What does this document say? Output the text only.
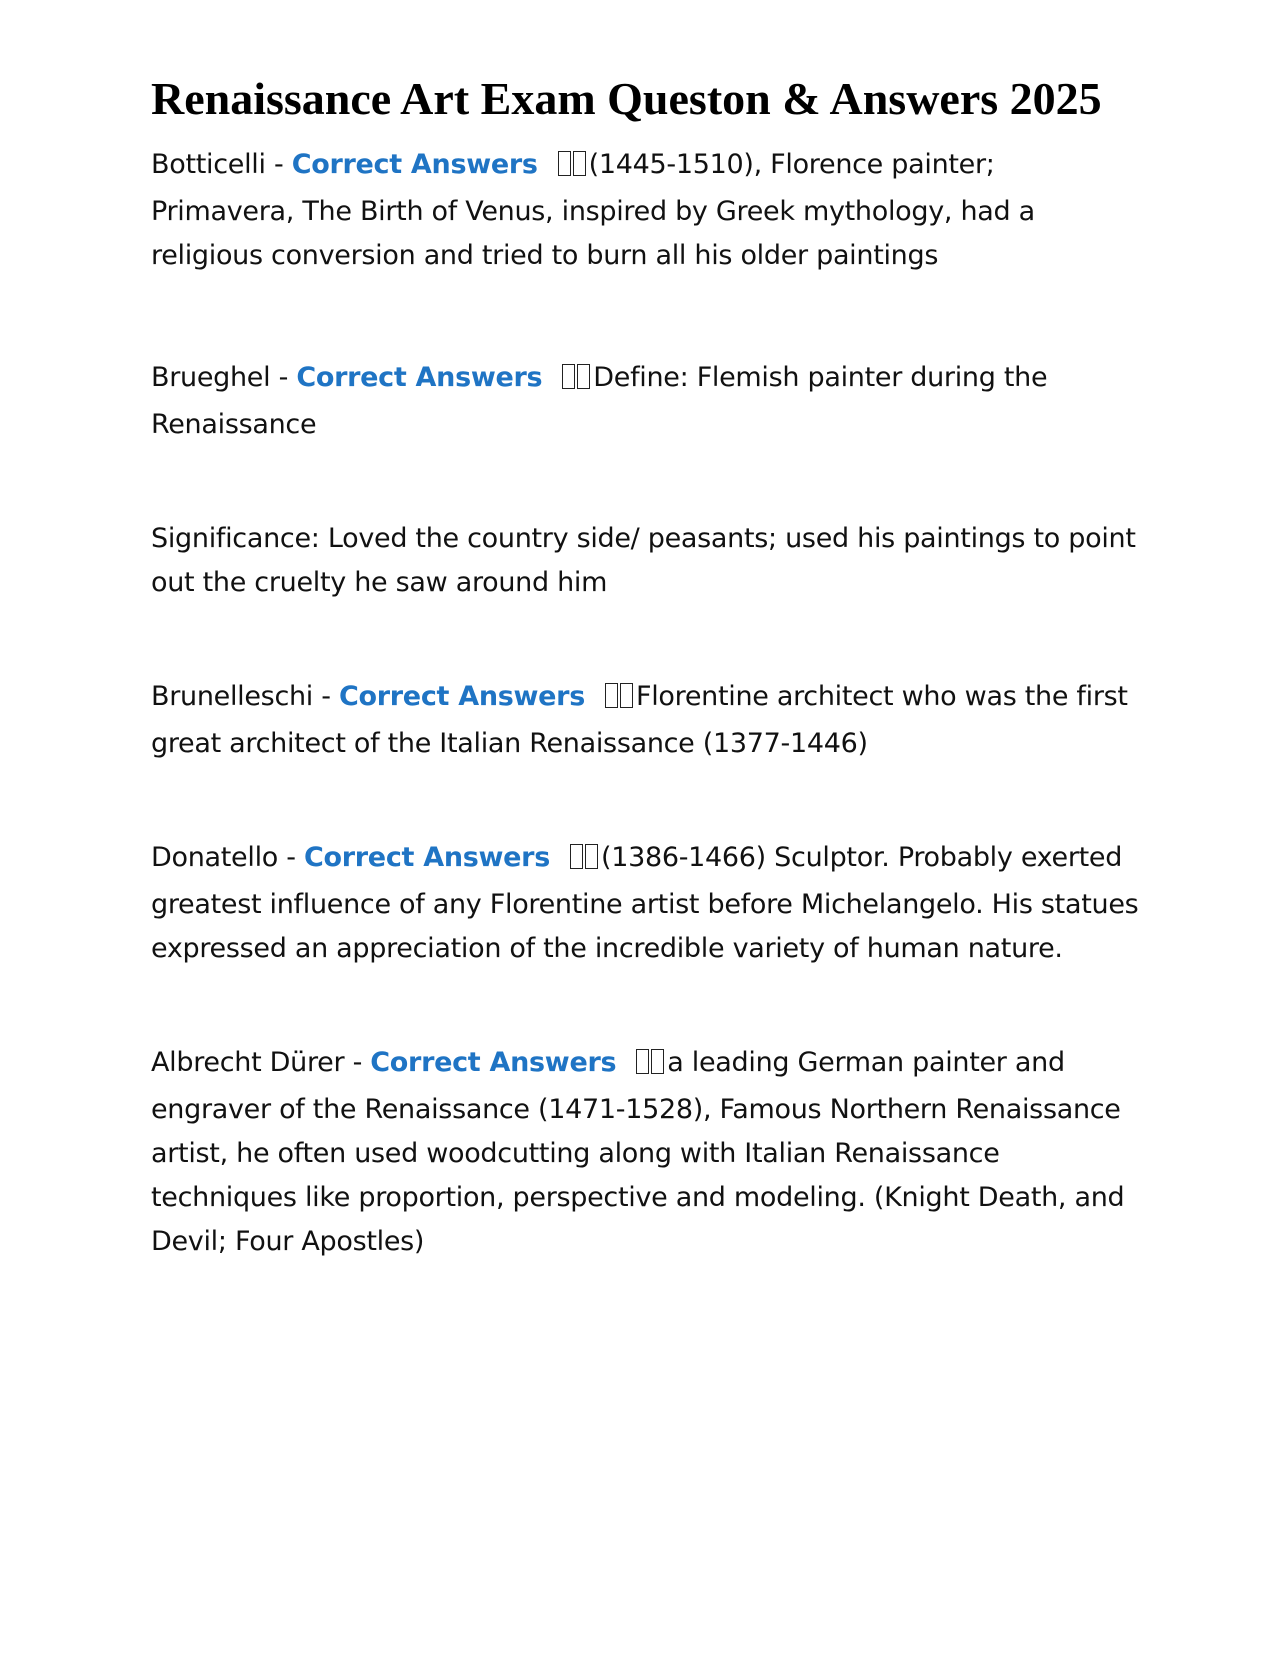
Renaissance Art Exam Queston & Answers 2025

Botticelli - Correct Answers (1445-1510), Florence painter; Primavera, The Birth of Venus, inspired by Greek mythology, had a religious conversion and tried to burn all his older paintings

Brueghel - Correct Answers Define: Flemish painter during the Renaissance

Significance: Loved the country side/ peasants; used his paintings to point out the cruelty he saw around him

Brunelleschi - Correct Answers Florentine architect who was the first great architect of the Italian Renaissance (1377-1446)

Donatello - Correct Answers (1386-1466) Sculptor. Probably exerted greatest influence of any Florentine artist before Michelangelo. His statues expressed an appreciation of the incredible variety of human nature.

Albrecht Dürer - Correct Answers a leading German painter and engraver of the Renaissance (1471-1528), Famous Northern Renaissance artist, he often used woodcutting along with Italian Renaissance techniques like proportion, perspective and modeling. (Knight Death, and Devil; Four Apostles)
